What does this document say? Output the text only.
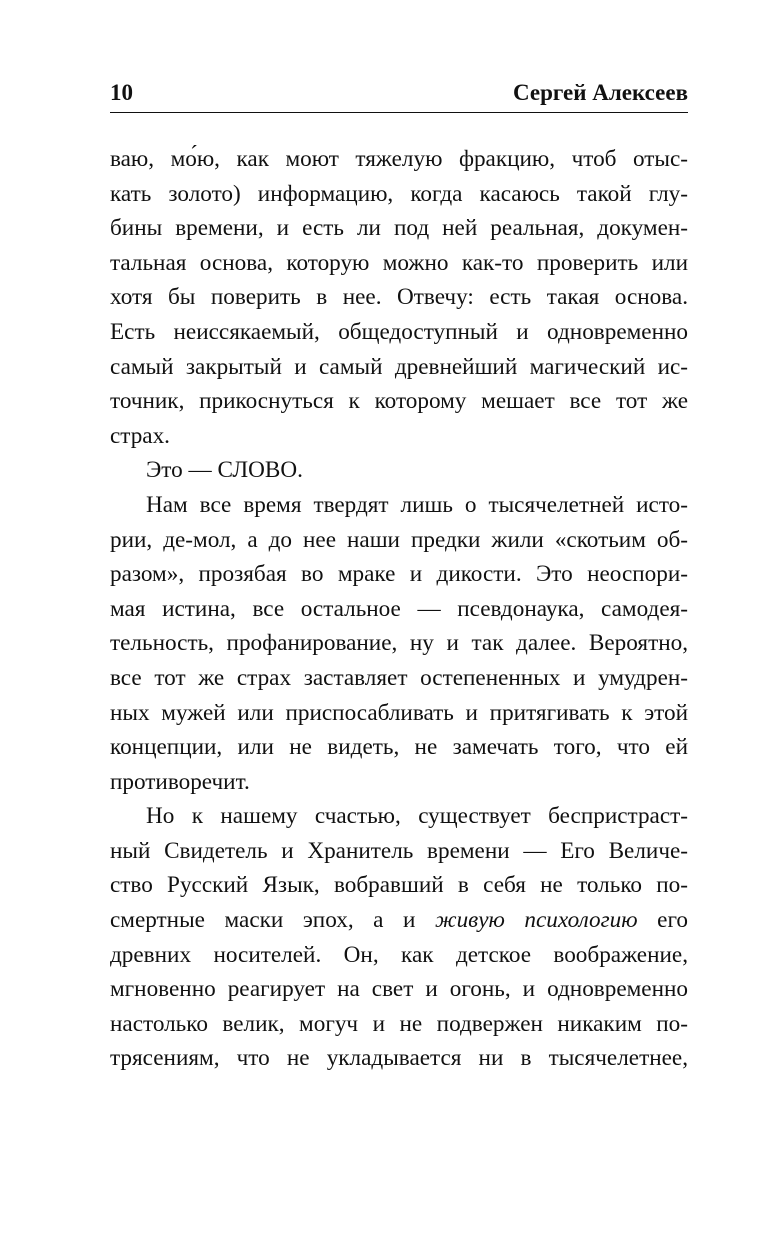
10	Сергей Алексеев
ваю, мо́ю, как моют тяжелую фракцию, чтоб отыс-
кать золото) информацию, когда касаюсь такой глу-
бины времени, и есть ли под ней реальная, докумен-
тальная основа, которую можно как-то проверить или
хотя бы поверить в нее. Отвечу: есть такая основа.
Есть неиссякаемый, общедоступный и одновременно
самый закрытый и самый древнейший магический ис-
точник, прикоснуться к которому мешает все тот же
страх.
Это — СЛОВО.
Нам все время твердят лишь о тысячелетней исто-
рии, де-мол, а до нее наши предки жили «скотьим об-
разом», прозябая во мраке и дикости. Это неоспори-
мая истина, все остальное — псевдонаука, самодея-
тельность, профанирование, ну и так далее. Вероятно,
все тот же страх заставляет остепененных и умудрен-
ных мужей или приспосабливать и притягивать к этой
концепции, или не видеть, не замечать того, что ей
противоречит.
Но к нашему счастью, существует беспристраст-
ный Свидетель и Хранитель времени — Его Величе-
ство Русский Язык, вобравший в себя не только по-
смертные маски эпох, а и живую психологию его
древних носителей. Он, как детское воображение,
мгновенно реагирует на свет и огонь, и одновременно
настолько велик, могуч и не подвержен никаким по-
трясениям, что не укладывается ни в тысячелетнее,
